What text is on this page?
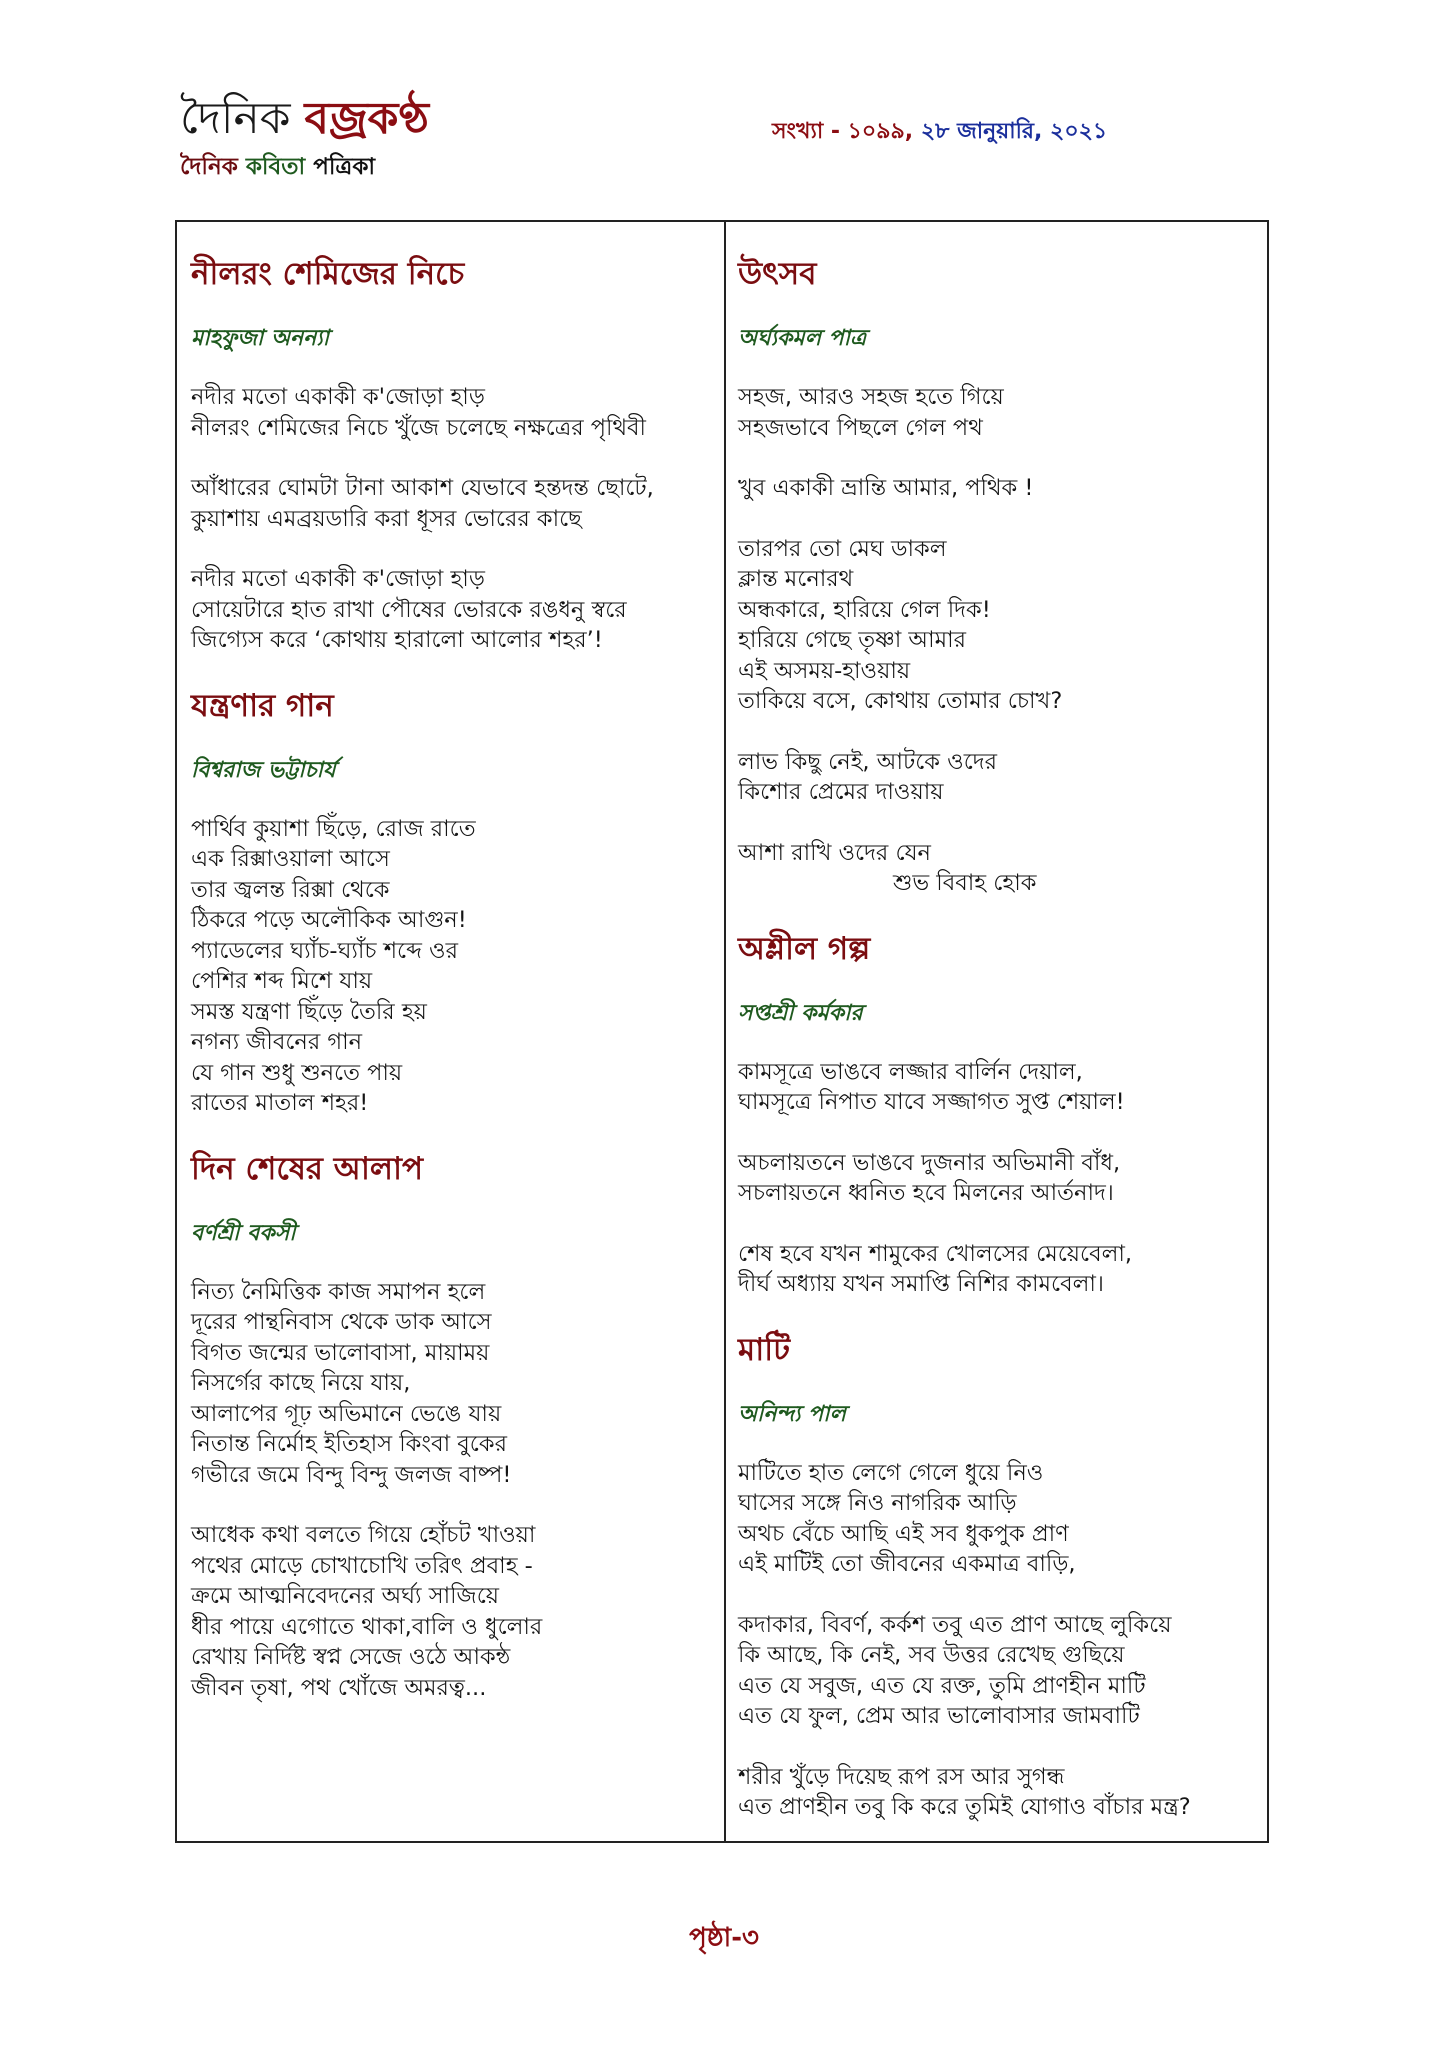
দৈনিক বজ্রকণ্ঠ
দৈনিক কবিতা পত্রিকা
সংখ্যা - ১০৯৯, ২৮ জানুয়ারি, ২০২১
নীলরং শেমিজের নিচে
মাহফুজা অনন্যা
নদীর মতো একাকী ক'জোড়া হাড়
নীলরং শেমিজের নিচে খুঁজে চলেছে নক্ষত্রের পৃথিবী
আঁধারের ঘোমটা টানা আকাশ যেভাবে হন্তদন্ত ছোটে,
কুয়াশায় এমব্রয়ডারি করা ধূসর ভোরের কাছে
নদীর মতো একাকী ক'জোড়া হাড়
সোয়েটারে হাত রাখা পৌষের ভোরকে রঙধনু স্বরে
জিগ্যেস করে ‘কোথায় হারালো আলোর শহর’!
যন্ত্রণার গান
বিশ্বরাজ ভট্টাচার্য
পার্থিব কুয়াশা ছিঁড়ে, রোজ রাতে
এক রিক্সাওয়ালা আসে
তার জ্বলন্ত রিক্সা থেকে
ঠিকরে পড়ে অলৌকিক আগুন!
প্যাডেলের ঘ্যাঁচ-ঘ্যাঁচ শব্দে ওর
পেশির শব্দ মিশে যায়
সমস্ত যন্ত্রণা ছিঁড়ে তৈরি হয়
নগন্য জীবনের গান
যে গান শুধু শুনতে পায়
রাতের মাতাল শহর!
দিন শেষের আলাপ
বর্ণশ্রী বকসী
নিত্য নৈমিত্তিক কাজ সমাপন হলে
দূরের পান্থনিবাস থেকে ডাক আসে
বিগত জন্মের ভালোবাসা, মায়াময়
নিসর্গের কাছে নিয়ে যায়,
আলাপের গূঢ় অভিমানে ভেঙে যায়
নিতান্ত নির্মোহ ইতিহাস কিংবা বুকের
গভীরে জমে বিন্দু বিন্দু জলজ বাষ্প!
আধেক কথা বলতে গিয়ে হোঁচট খাওয়া
পথের মোড়ে চোখাচোখি তরিৎ প্রবাহ -
ক্রমে আত্মনিবেদনের অর্ঘ্য সাজিয়ে
ধীর পায়ে এগোতে থাকা,বালি ও ধুলোর
রেখায় নির্দিষ্ট স্বপ্ন সেজে ওঠে আকন্ঠ
জীবন তৃষা, পথ খোঁজে অমরত্ব...
উৎসব
অর্ঘ্যকমল পাত্র
সহজ, আরও সহজ হতে গিয়ে
সহজভাবে পিছলে গেল পথ
খুব একাকী ভ্রান্তি আমার, পথিক !
তারপর তো মেঘ ডাকল
ক্লান্ত মনোরথ
অন্ধকারে, হারিয়ে গেল দিক!
হারিয়ে গেছে তৃষ্ণা আমার
এই অসময়-হাওয়ায়
তাকিয়ে বসে, কোথায় তোমার চোখ?
লাভ কিছু নেই, আটকে ওদের
কিশোর প্রেমের দাওয়ায়
আশা রাখি ওদের যেন
শুভ বিবাহ হোক
অশ্লীল গল্প
সপ্তশ্রী কর্মকার
কামসূত্রে ভাঙবে লজ্জার বার্লিন দেয়াল,
ঘামসূত্রে নিপাত যাবে সজ্জাগত সুপ্ত শেয়াল!
অচলায়তনে ভাঙবে দুজনার অভিমানী বাঁধ,
সচলায়তনে ধ্বনিত হবে মিলনের আর্তনাদ।
শেষ হবে যখন শামুকের খোলসের মেয়েবেলা,
দীর্ঘ অধ্যায় যখন সমাপ্তি নিশির কামবেলা।
মাটি
অনিন্দ্য পাল
মাটিতে হাত লেগে গেলে ধুয়ে নিও
ঘাসের সঙ্গে নিও নাগরিক আড়ি
অথচ বেঁচে আছি এই সব ধুকপুক প্রাণ
এই মাটিই তো জীবনের একমাত্র বাড়ি,
কদাকার, বিবর্ণ, কর্কশ তবু এত প্রাণ আছে লুকিয়ে
কি আছে, কি নেই, সব উত্তর রেখেছ গুছিয়ে
এত যে সবুজ, এত যে রক্ত, তুমি প্রাণহীন মাটি
এত যে ফুল, প্রেম আর ভালোবাসার জামবাটি
শরীর খুঁড়ে দিয়েছ রূপ রস আর সুগন্ধ
এত প্রাণহীন তবু কি করে তুমিই যোগাও বাঁচার মন্ত্র?
পৃষ্ঠা-৩
